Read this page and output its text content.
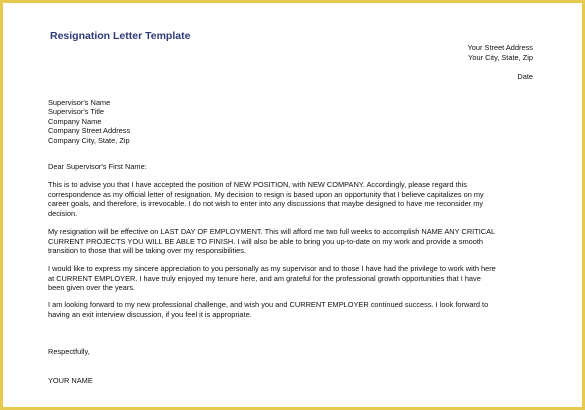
Resignation Letter Template
Your Street Address
Your City, State, Zip
Date
Supervisor's Name
Supervisor's Title
Company Name
Company Street Address
Company City, State, Zip
Dear Supervisor's First Name:
This is to advise you that I have accepted the position of NEW POSITION, with NEW COMPANY. Accordingly, please regard this
correspondence as my official letter of resignation. My decision to resign is based upon an opportunity that I believe capitalizes on my
career goals, and therefore, is irrevocable. I do not wish to enter into any discussions that maybe designed to have me reconsider my
decision.
My resignation will be effective on LAST DAY OF EMPLOYMENT. This will afford me two full weeks to accomplish NAME ANY CRITICAL
CURRENT PROJECTS YOU WILL BE ABLE TO FINISH. I will also be able to bring you up-to-date on my work and provide a smooth
transition to those that will be taking over my responsibilities.
I would like to express my sincere appreciation to you personally as my supervisor and to those I have had the privilege to work with here
at CURRENT EMPLOYER. I have truly enjoyed my tenure here, and am grateful for the professional growth opportunities that I have
been given over the years.
I am looking forward to my new professional challenge, and wish you and CURRENT EMPLOYER continued success. I look forward to
having an exit interview discussion, if you feel it is appropriate.
Respectfully,
YOUR NAME
